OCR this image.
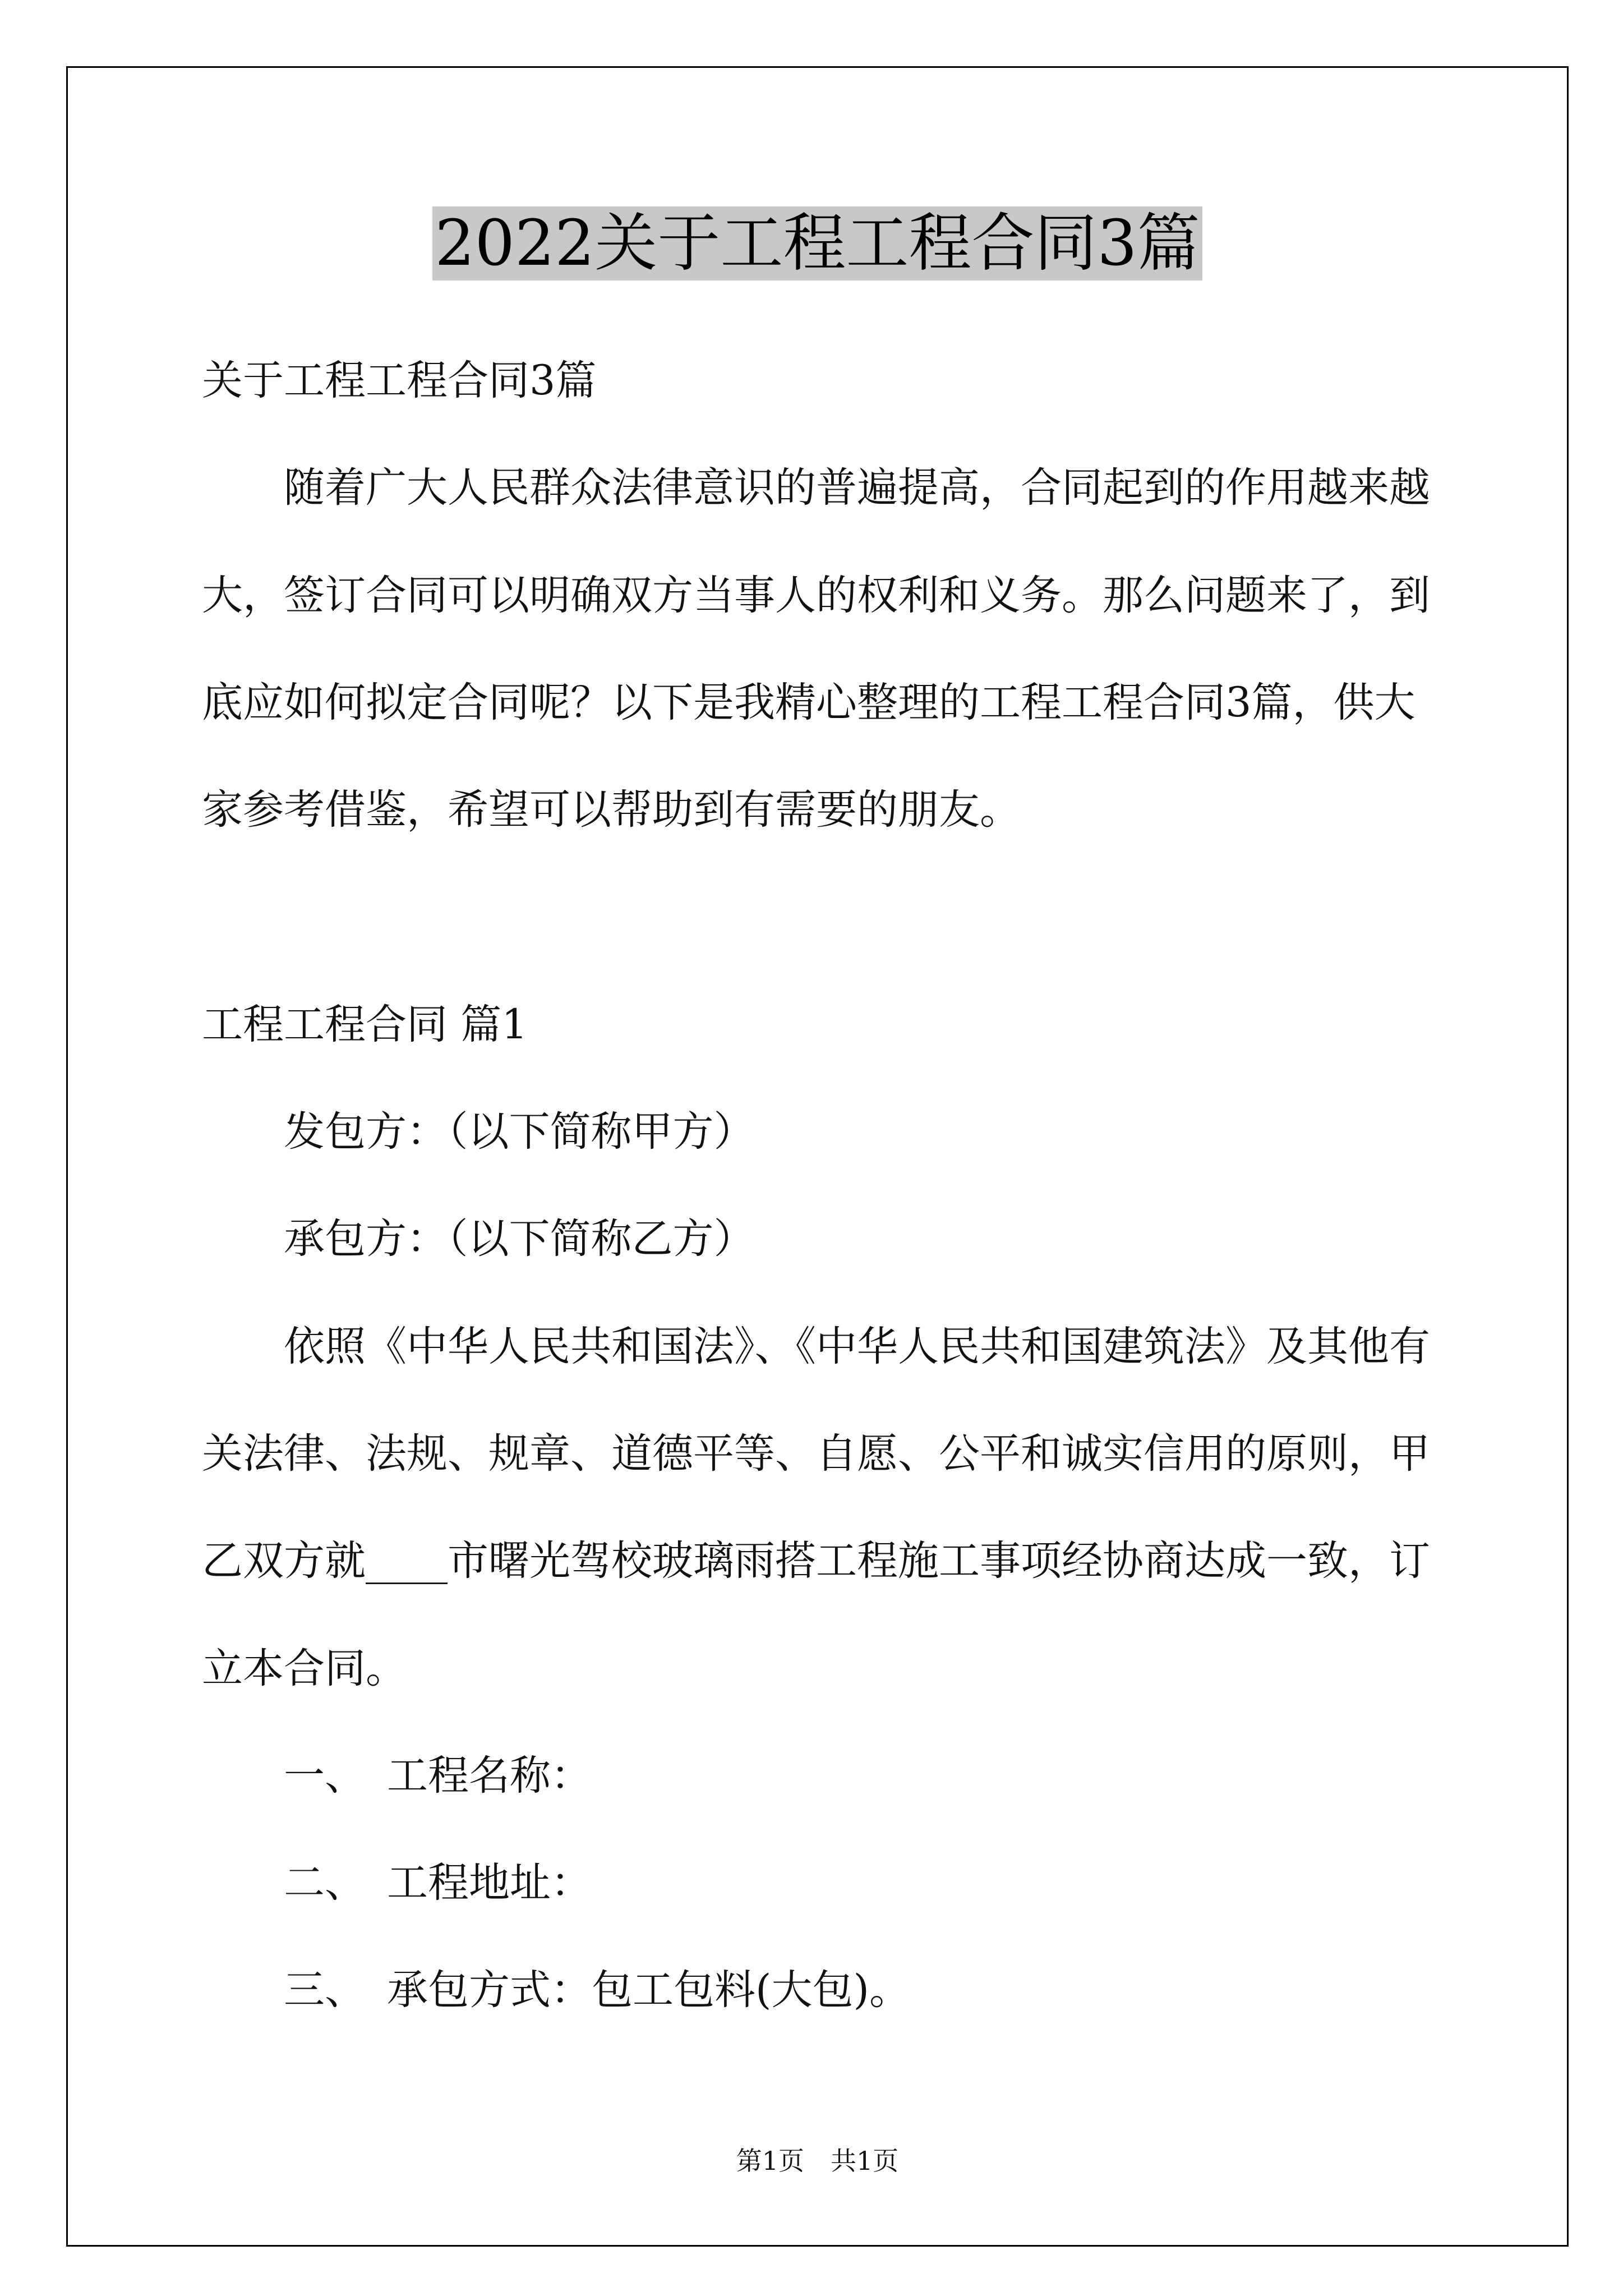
2022关于工程工程合同3篇
关于工程工程合同3篇
随着广大人民群众法律意识的普遍提高，合同起到的作用越来越
大，签订合同可以明确双方当事人的权利和义务。那么问题来了，到
底应如何拟定合同呢？以下是我精心整理的工程工程合同3篇，供大
家参考借鉴，希望可以帮助到有需要的朋友。
工程工程合同 篇1
发包方：（以下简称甲方）
承包方：（以下简称乙方）
依照《中华人民共和国法》、《中华人民共和国建筑法》及其他有
关法律、法规、规章、道德平等、自愿、公平和诚实信用的原则，甲
乙双方就____市曙光驾校玻璃雨搭工程施工事项经协商达成一致，订
立本合同。
一、 工程名称：
二、 工程地址：
三、 承包方式：包工包料(大包)。
第1页 共1页
